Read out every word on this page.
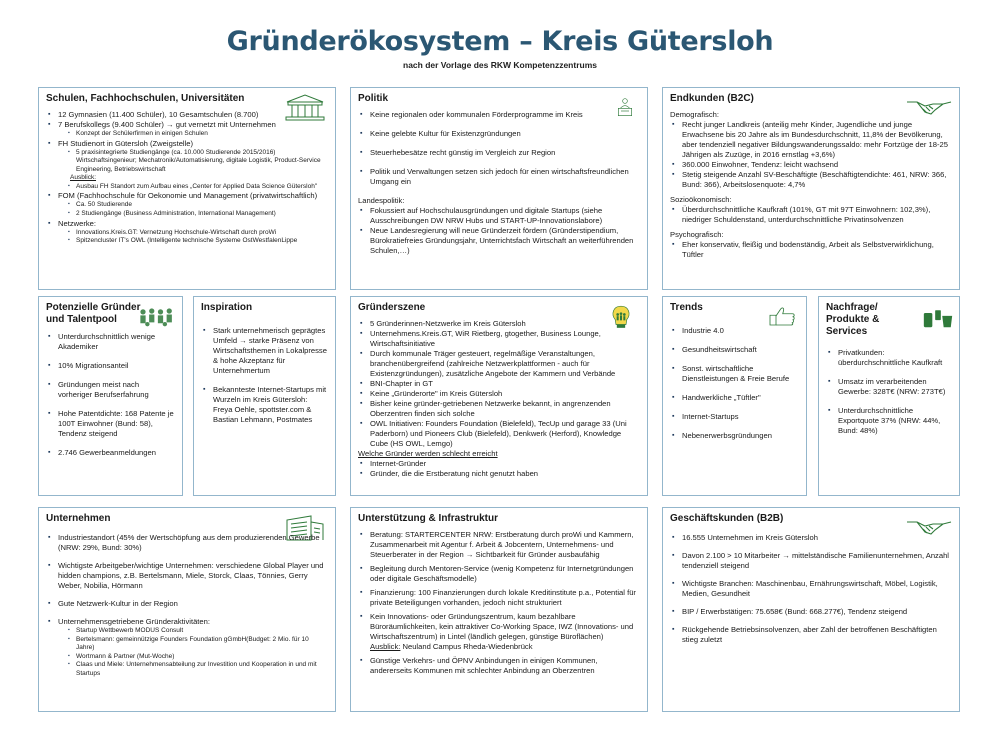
Gründerökosystem – Kreis Gütersloh
nach der Vorlage des RKW Kompetenzzentrums
Schulen, Fachhochschulen, Universitäten
▪ 12 Gymnasien (11.400 Schüler), 10 Gesamtschulen (8.700)
▪ 7 Berufskollegs (9.400 Schüler) → gut vernetzt mit Unternehmen
▪ Konzept der Schülerfirmen in einigen Schulen
▪ FH Studienort in Gütersloh (Zweigstelle)
▪ 5 praxisintegrierte Studiengänge (ca. 10.000 Studierende 2015/2016) Wirtschaftsingenieur; Mechatronik/Automatisierung, digitale Logistik, Product-Service Engineering, Betriebswirtschaft
Ausblick:
▪ Ausbau FH Standort zum Aufbau eines „Center for Applied Data Science Gütersloh"
▪ FOM (Fachhochschule für Oekonomie und Management (privatwirtschaftlich)
▪ Ca. 50 Studierende
▪ 2 Studiengänge (Business Administration, International Management)
▪ Netzwerke:
▪ Innovations.Kreis.GT: Vernetzung Hochschule-Wirtschaft durch proWi
▪ Spitzencluster IT's OWL (Intelligente technische Systeme OstWestfalenLippe
Politik
▪ Keine regionalen oder kommunalen Förderprogramme im Kreis
▪ Keine gelebte Kultur für Existenzgründungen
▪ Steuerhebesätze recht günstig im Vergleich zur Region
▪ Politik und Verwaltungen setzen sich jedoch für einen wirtschaftsfreundlichen Umgang ein
Landespolitik:
▪ Fokussiert auf Hochschulausgründungen und digitale Startups (siehe Ausschreibungen DW NRW Hubs und START-UP-Innovationslabore)
▪ Neue Landesregierung will neue Gründerzeit fördern (Gründerstipendium, Bürokratiefreies Gründungsjahr, Unterrichtsfach Wirtschaft an weiterführenden Schulen,…)
Endkunden (B2C)
Demografisch:
▪ Recht junger Landkreis (anteilig mehr Kinder, Jugendliche und junge Erwachsene bis 20 Jahre als im Bundesdurchschnitt, 11,8% der Bevölkerung, aber tendenziell negativer Bildungswanderungssaldo: mehr Fortzüge der 18-25 Jährigen als Zuzüge, in 2016 ernstlag +3,6%)
▪ 360.000 Einwohner, Tendenz: leicht wachsend
▪ Stetig steigende Anzahl SV-Beschäftigte (Beschäftigtendichte: 461, NRW: 366, Bund: 366), Arbeitslosenquote: 4,7%
Sozioökonomisch:
▪ Überdurchschnittliche Kaufkraft (101%, GT mit 97T Einwohnern: 102,3%), niedriger Schuldenstand, unterdurchschnittliche Privatinsolvenzen
Psychografisch:
▪ Eher konservativ, fleißig und bodenständig, Arbeit als Selbstverwirklichung, Tüftler
Potenzielle Gründer und Talentpool
▪ Unterdurchschnittlich wenige Akademiker
▪ 10% Migrationsanteil
▪ Gründungen meist nach vorheriger Berufserfahrung
▪ Hohe Patentdichte: 168 Patente je 100T Einwohner (Bund: 58), Tendenz steigend
▪ 2.746 Gewerbeanmeldungen
Inspiration
▪ Stark unternehmerisch geprägtes Umfeld → starke Präsenz von Wirtschaftsthemen in Lokalpresse & hohe Akzeptanz für Unternehmertum
▪ Bekannteste Internet-Startups mit Wurzeln im Kreis Gütersloh: Freya Oehle, spottster.com & Bastian Lehmann, Postmates
Gründerszene
▪ 5 Gründerinnen-Netzwerke im Kreis Gütersloh
▪ Unternehmens.Kreis.GT, WiR Rietberg, gtogether, Business Lounge, Wirtschaftsinitiative
▪ Durch kommunale Träger gesteuert, regelmäßige Veranstaltungen, branchenübergreifend (zahlreiche Netzwerkplattformen - auch für Existenzgründungen), zusätzliche Angebote der Kammern und Verbände
▪ BNI-Chapter in GT
▪ Keine „Gründerorte" im Kreis Gütersloh
▪ Bisher keine gründer-getriebenen Netzwerke bekannt, in angrenzenden Oberzentren finden sich solche
▪ OWL Initiativen: Founders Foundation (Bielefeld), TecUp und garage 33 (Uni Paderborn) und Pioneers Club (Bielefeld), Denkwerk (Herford), Knowledge Cube (HS OWL, Lemgo)
Welche Gründer werden schlecht erreicht
▪ Internet-Gründer
▪ Gründer, die die Erstberatung nicht genutzt haben
Trends
▪ Industrie 4.0
▪ Gesundheitswirtschaft
▪ Sonst. wirtschaftliche Dienstleistungen & Freie Berufe
▪ Handwerkliche „Tüftler"
▪ Internet-Startups
▪ Nebenerwerbsgründungen
Nachfrage/ Produkte & Services
▪ Privatkunden: überdurchschnittliche Kaufkraft
▪ Umsatz im verarbeitenden Gewerbe: 328T€ (NRW: 273T€)
▪ Unterdurchschnittliche Exportquote 37% (NRW: 44%, Bund: 48%)
Unternehmen
▪ Industriestandort (45% der Wertschöpfung aus dem produzierenden Gewerbe (NRW: 29%, Bund: 30%)
▪ Wichtigste Arbeitgeber/wichtige Unternehmen: verschiedene Global Player und hidden champions, z.B. Bertelsmann, Miele, Storck, Claas, Tönnies, Gerry Weber, Nobilia, Hörmann
▪ Gute Netzwerk-Kultur in der Region
▪ Unternehmensgetriebene Gründeraktivitäten:
▪ Startup Wettbewerb MODUS Consult
▪ Bertelsmann: gemeinnützige Founders Foundation gGmbH(Budget: 2 Mio. für 10 Jahre)
▪ Wortmann & Partner (Mut-Woche)
▪ Claas und Miele: Unternehmensabteilung zur Investition und Kooperation in und mit Startups
Unterstützung & Infrastruktur
▪ Beratung: STARTERCENTER NRW: Erstberatung durch proWi und Kammern, Zusammenarbeit mit Agentur f. Arbeit & Jobcentern, Unternehmens- und Steuerberater in der Region → Sichtbarkeit für Gründer ausbaufähig
▪ Begleitung durch Mentoren-Service (wenig Kompetenz für Internetgründungen oder digitale Geschäftsmodelle)
▪ Finanzierung: 100 Finanzierungen durch lokale Kreditinstitute p.a., Potential für private Beteiligungen vorhanden, jedoch nicht strukturiert
▪ Kein Innovations- oder Gründungszentrum, kaum bezahlbare Büroräumlichkeiten, kein attraktiver Co-Working Space, IWZ (Innovations- und Wirtschaftszentrum) in Lintel (ländlich gelegen, günstige Büroflächen)
Ausblick: Neuland Campus Rheda-Wiedenbrück
▪ Günstige Verkehrs- und ÖPNV Anbindungen in einigen Kommunen, andererseits Kommunen mit schlechter Anbindung an Oberzentren
Geschäftskunden (B2B)
▪ 16.555 Unternehmen im Kreis Gütersloh
▪ Davon 2.100 > 10 Mitarbeiter → mittelständische Familienunternehmen, Anzahl tendenziell steigend
▪ Wichtigste Branchen: Maschinenbau, Ernährungswirtschaft, Möbel, Logistik, Medien, Gesundheit
▪ BIP / Erwerbstätigen: 75.658€ (Bund: 668.277€), Tendenz steigend
▪ Rückgehende Betriebsinsolvenzen, aber Zahl der betroffenen Beschäftigten stieg zuletzt
